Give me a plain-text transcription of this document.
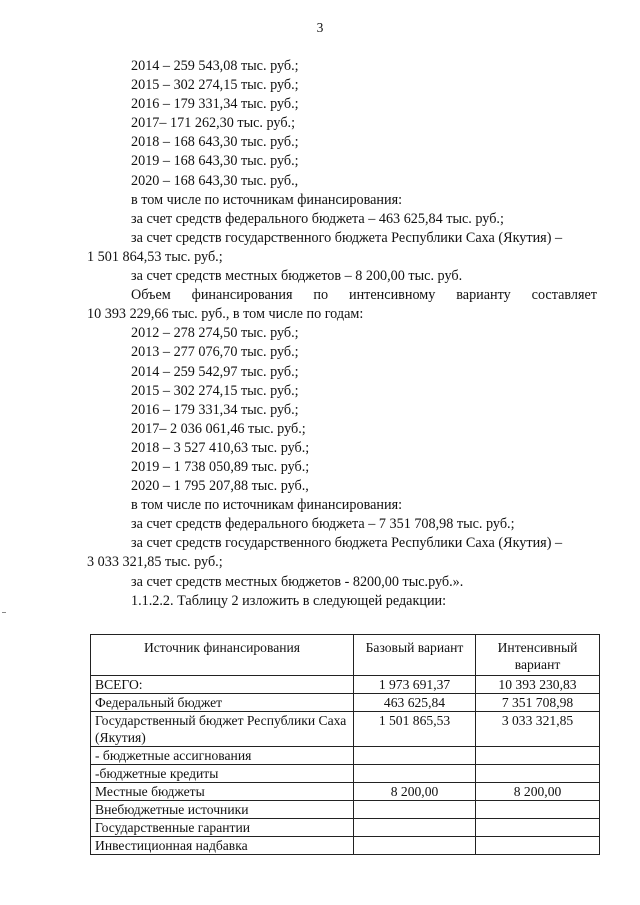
3
2014 – 259 543,08 тыс. руб.;
2015 – 302 274,15 тыс. руб.;
2016 – 179 331,34 тыс. руб.;
2017– 171 262,30 тыс. руб.;
2018 – 168 643,30 тыс. руб.;
2019 – 168 643,30 тыс. руб.;
2020 – 168 643,30 тыс. руб.,
в том числе по источникам финансирования:
за счет средств федерального бюджета – 463 625,84 тыс. руб.;
за счет средств государственного бюджета Республики Саха (Якутия) –
1 501 864,53 тыс. руб.;
за счет средств местных бюджетов – 8 200,00 тыс. руб.
Объем финансирования по интенсивному варианту составляет
10 393 229,66 тыс. руб., в том числе по годам:
2012 – 278 274,50 тыс. руб.;
2013 – 277 076,70 тыс. руб.;
2014 – 259 542,97 тыс. руб.;
2015 – 302 274,15 тыс. руб.;
2016 – 179 331,34 тыс. руб.;
2017– 2 036 061,46 тыс. руб.;
2018 – 3 527 410,63 тыс. руб.;
2019 – 1 738 050,89 тыс. руб.;
2020 – 1 795 207,88 тыс. руб.,
в том числе по источникам финансирования:
за счет средств федерального бюджета – 7 351 708,98 тыс. руб.;
за счет средств государственного бюджета Республики Саха (Якутия) –
3 033 321,85 тыс. руб.;
за счет средств местных бюджетов - 8200,00 тыс.руб.».
1.1.2.2. Таблицу 2 изложить в следующей редакции:
Источник финансирования	Базовый вариант	Интенсивный вариант
ВСЕГО:	1 973 691,37	10 393 230,83
Федеральный бюджет	463 625,84	7 351 708,98
Государственный бюджет Республики Саха (Якутия)	1 501 865,53	3 033 321,85
- бюджетные ассигнования		
-бюджетные кредиты		
Местные бюджеты	8 200,00	8 200,00
Внебюджетные источники		
Государственные гарантии		
Инвестиционная надбавка		
